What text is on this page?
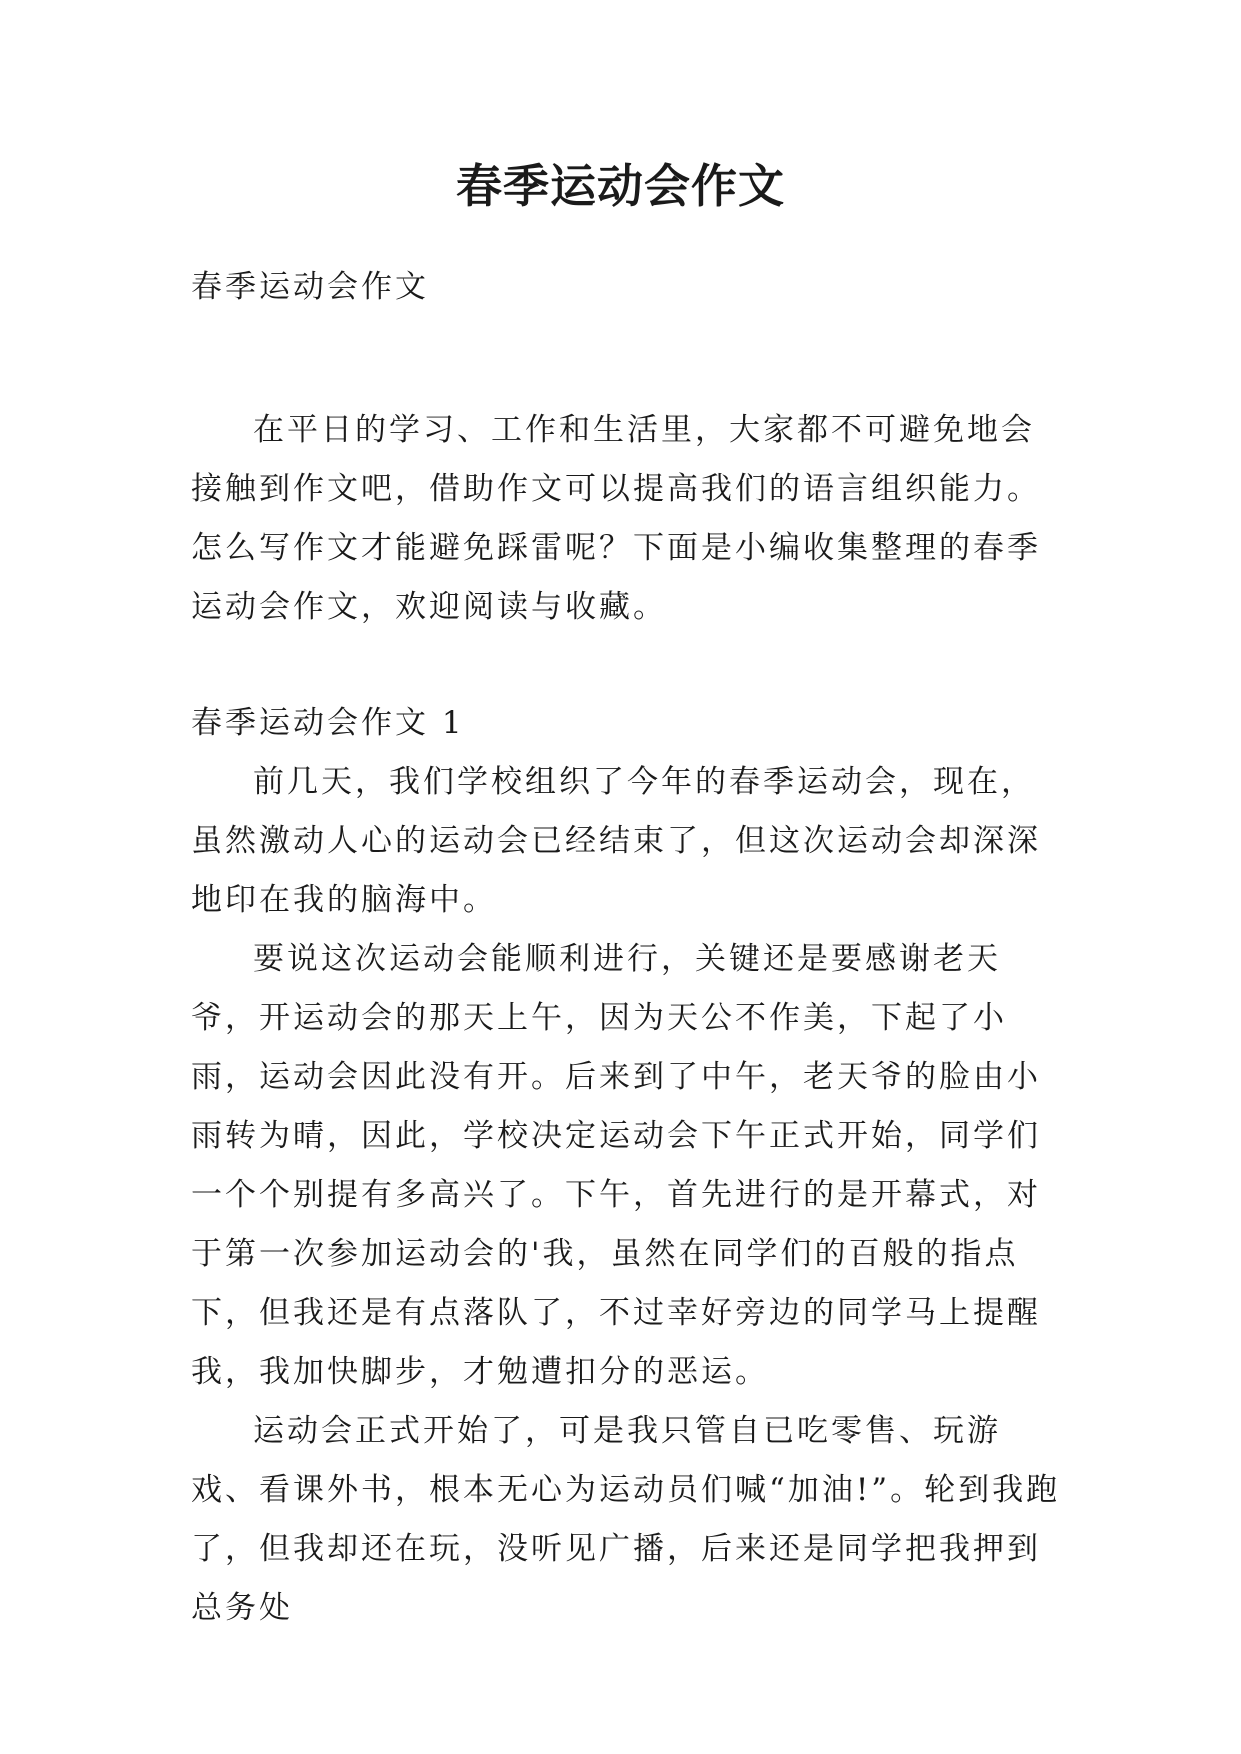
春季运动会作文
春季运动会作文

在平日的学习、工作和生活里，大家都不可避免地会接触到作文吧，借助作文可以提高我们的语言组织能力。怎么写作文才能避免踩雷呢？下面是小编收集整理的春季运动会作文，欢迎阅读与收藏。

春季运动会作文 1

前几天，我们学校组织了今年的春季运动会，现在，虽然激动人心的运动会已经结束了，但这次运动会却深深地印在我的脑海中。

要说这次运动会能顺利进行，关键还是要感谢老天爷，开运动会的那天上午，因为天公不作美，下起了小雨，运动会因此没有开。后来到了中午，老天爷的脸由小雨转为晴，因此，学校决定运动会下午正式开始，同学们一个个别提有多高兴了。下午，首先进行的是开幕式，对于第一次参加运动会的'我，虽然在同学们的百般的指点下，但我还是有点落队了，不过幸好旁边的同学马上提醒我，我加快脚步，才勉遭扣分的恶运。

运动会正式开始了，可是我只管自已吃零售、玩游戏、看课外书，根本无心为运动员们喊“加油!”。轮到我跑了，但我却还在玩，没听见广播，后来还是同学把我押到总务处
